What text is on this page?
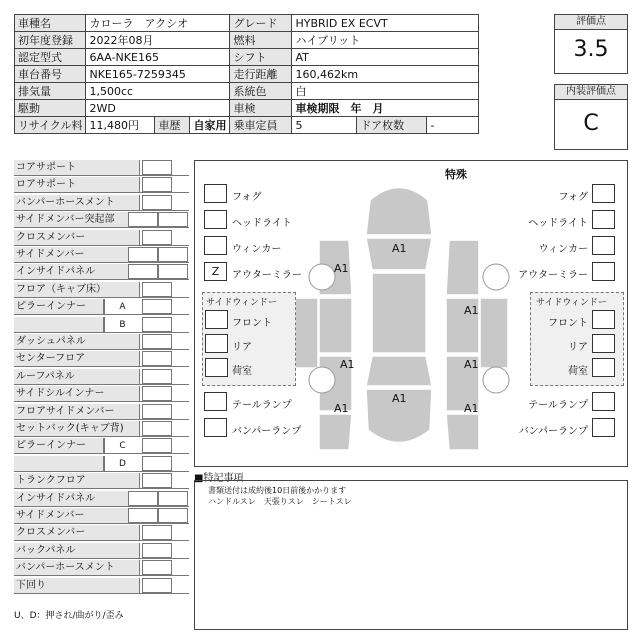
車種名	カローラ　アクシオ			グレード	HYBRID EX ECVT		
初年度登録	2022年08月			燃料	ハイブリット		
認定型式	6AA-NKE165			シフト	AT		
車台番号	NKE165-7259345			走行距離	160,462km		
排気量	1,500cc			系統色	白		
駆動	2WD			車検	車検期限　年　月		
リサイクル料	11,480円	車歴	自家用	乗車定員	5	ドア枚数	-
評価点
3.5
内装評価点
C
コアサポート
ロアサポート
バンパーホースメント
サイドメンバー突起部
クロスメンバー
サイドメンバー
インサイドパネル
フロア（キャブ床）
ピラーインナー	A
B
ダッシュパネル
センターフロア
ルーフパネル
サイドシルインナー
フロアサイドメンバー
セットバック(キャブ背)
ピラーインナー	C
D
トランクフロア
インサイドパネル
サイドメンバー
クロスメンバー
バックパネル
バンパーホースメント
下回り
U、D：押され/曲がり/歪み
特殊
A1
A1
A1
A1	A1
A1
A1	A1
フォグ
ヘッドライト
ウィンカー
Z	アウターミラー
フォグ
ヘッドライト
ウィンカー
アウターミラー
サイドウィンドー	サイドウィンドー
フロント	フロント
リア	リア
荷室	荷室
テールランプ
バンパーランプ
テールランプ
バンパーランプ
■特記事項
書類送付は成約後10日前後かかります
ハンドルスレ　天張りスレ　シートスレ
